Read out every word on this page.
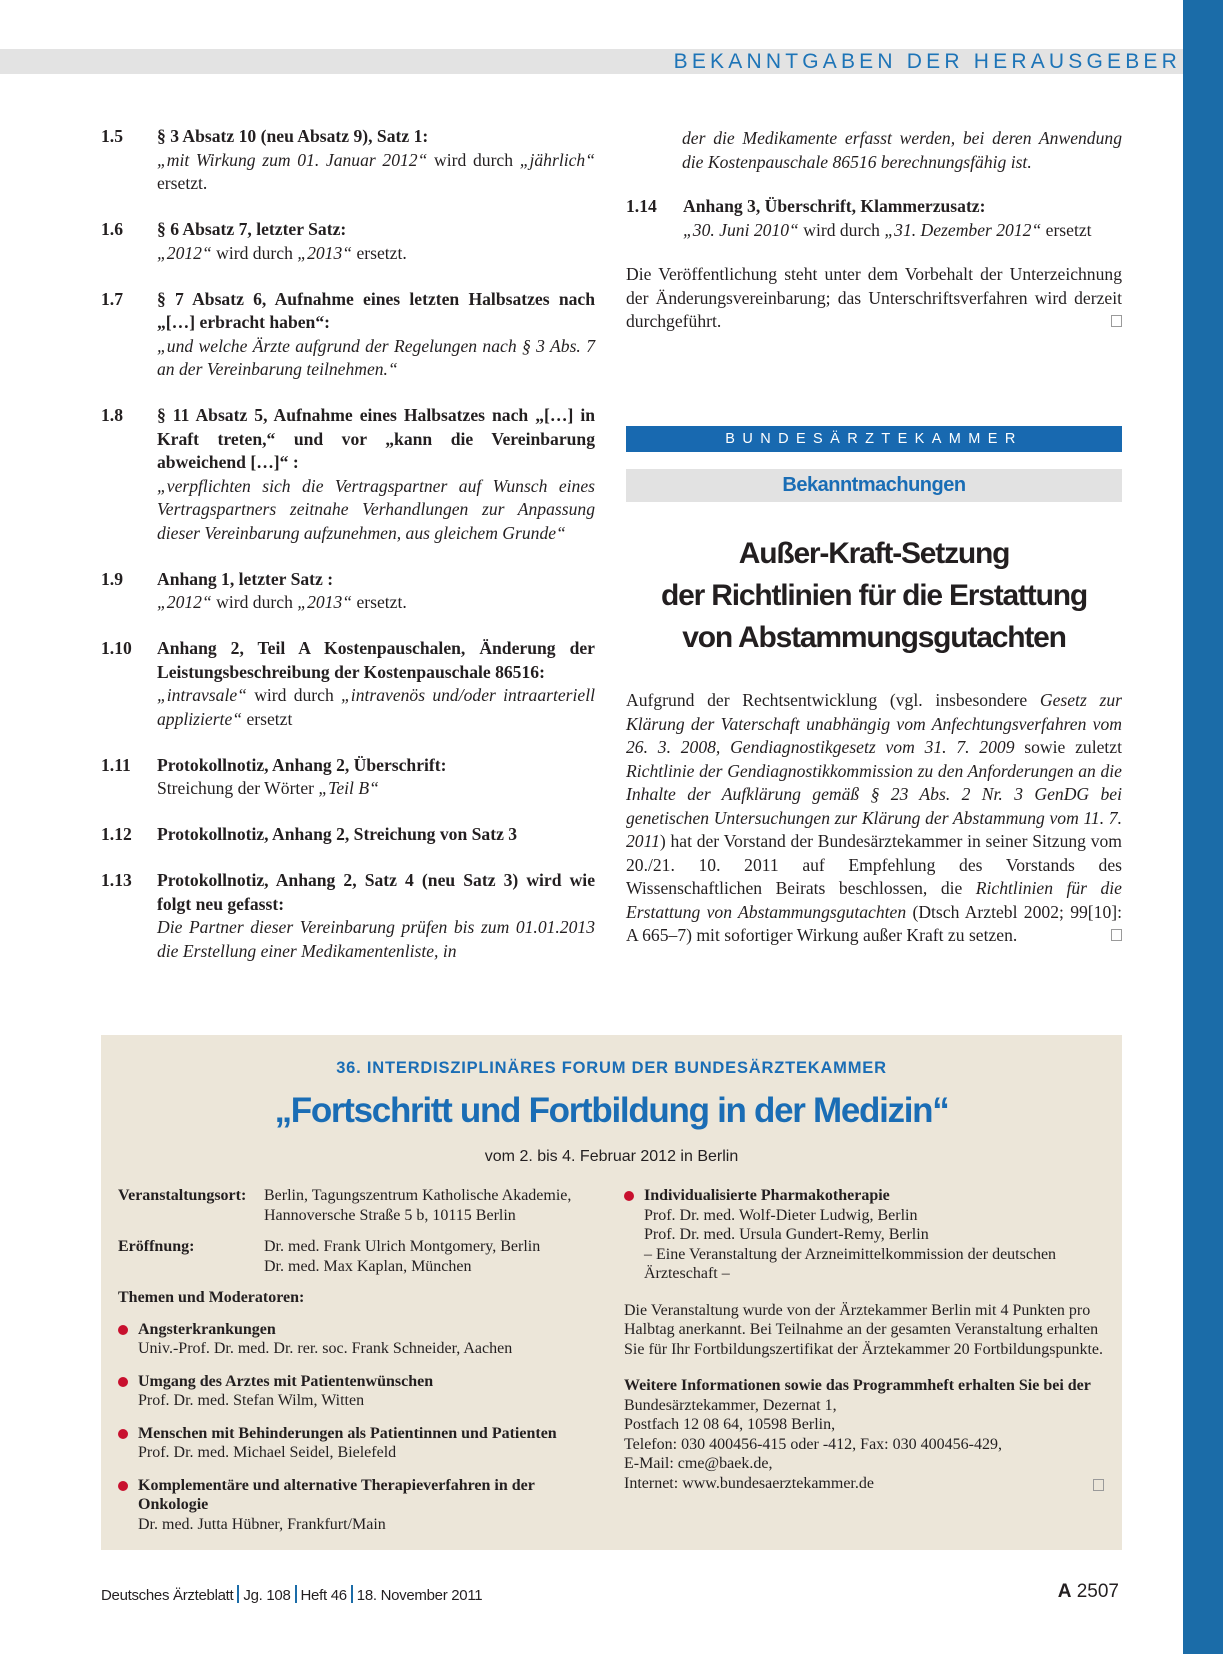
BEKANNTGABEN DER HERAUSGEBER
1.5 § 3 Absatz 10 (neu Absatz 9), Satz 1:
„mit Wirkung zum 01. Januar 2012“ wird durch „jährlich“ ersetzt.
1.6 § 6 Absatz 7, letzter Satz:
„2012“ wird durch „2013“ ersetzt.
1.7 § 7 Absatz 6, Aufnahme eines letzten Halbsatzes nach „[…] erbracht haben“:
„und welche Ärzte aufgrund der Regelungen nach § 3 Abs. 7 an der Vereinbarung teilnehmen.“
1.8 § 11 Absatz 5, Aufnahme eines Halbsatzes nach „[…] in Kraft treten,“ und vor „kann die Vereinbarung abweichend […]“ :
„verpflichten sich die Vertragspartner auf Wunsch eines Vertragspartners zeitnahe Verhandlungen zur Anpassung dieser Vereinbarung aufzunehmen, aus gleichem Grunde“
1.9 Anhang 1, letzter Satz :
„2012“ wird durch „2013“ ersetzt.
1.10 Anhang 2, Teil A Kostenpauschalen, Änderung der Leistungsbeschreibung der Kostenpauschale 86516:
„intravsale“ wird durch „intravenös und/oder intraarteriell applizierte“ ersetzt
1.11 Protokollnotiz, Anhang 2, Überschrift:
Streichung der Wörter „Teil B“
1.12 Protokollnotiz, Anhang 2, Streichung von Satz 3
1.13 Protokollnotiz, Anhang 2, Satz 4 (neu Satz 3) wird wie folgt neu gefasst:
Die Partner dieser Vereinbarung prüfen bis zum 01.01.2013 die Erstellung einer Medikamentenliste, in
der die Medikamente erfasst werden, bei deren Anwendung die Kostenpauschale 86516 berechnungsfähig ist.
1.14 Anhang 3, Überschrift, Klammerzusatz:
„30. Juni 2010“ wird durch „31. Dezember 2012“ ersetzt
Die Veröffentlichung steht unter dem Vorbehalt der Unterzeichnung der Änderungsvereinbarung; das Unterschriftsverfahren wird derzeit durchgeführt.
BUNDESÄRZTEKAMMER
Bekanntmachungen
Außer-Kraft-Setzung
der Richtlinien für die Erstattung
von Abstammungsgutachten
Aufgrund der Rechtsentwicklung (vgl. insbesondere Gesetz zur Klärung der Vaterschaft unabhängig vom Anfechtungsverfahren vom 26. 3. 2008, Gendiagnostikgesetz vom 31. 7. 2009 sowie zuletzt Richtlinie der Gendiagnostikkommission zu den Anforderungen an die Inhalte der Aufklärung gemäß § 23 Abs. 2 Nr. 3 GenDG bei genetischen Untersuchungen zur Klärung der Abstammung vom 11. 7. 2011) hat der Vorstand der Bundesärztekammer in seiner Sitzung vom 20./21. 10. 2011 auf Empfehlung des Vorstands des Wissenschaftlichen Beirats beschlossen, die Richtlinien für die Erstattung von Abstammungsgutachten (Dtsch Arztebl 2002; 99[10]: A 665–7) mit sofortiger Wirkung außer Kraft zu setzen.
36. INTERDISZIPLINÄRES FORUM DER BUNDESÄRZTEKAMMER
„Fortschritt und Fortbildung in der Medizin“
vom 2. bis 4. Februar 2012 in Berlin
Veranstaltungsort:	Berlin, Tagungszentrum Katholische Akademie, Hannoversche Straße 5 b, 10115 Berlin
Eröffnung:	Dr. med. Frank Ulrich Montgomery, Berlin
Dr. med. Max Kaplan, München
Themen und Moderatoren:
Angsterkrankungen
Univ.-Prof. Dr. med. Dr. rer. soc. Frank Schneider, Aachen
Umgang des Arztes mit Patientenwünschen
Prof. Dr. med. Stefan Wilm, Witten
Menschen mit Behinderungen als Patientinnen und Patienten
Prof. Dr. med. Michael Seidel, Bielefeld
Komplementäre und alternative Therapieverfahren in der Onkologie
Dr. med. Jutta Hübner, Frankfurt/Main
Individualisierte Pharmakotherapie
Prof. Dr. med. Wolf-Dieter Ludwig, Berlin
Prof. Dr. med. Ursula Gundert-Remy, Berlin
– Eine Veranstaltung der Arzneimittelkommission der deutschen Ärzteschaft –
Die Veranstaltung wurde von der Ärztekammer Berlin mit 4 Punkten pro Halbtag anerkannt. Bei Teilnahme an der gesamten Veranstaltung erhalten Sie für Ihr Fortbildungszertifikat der Ärztekammer 20 Fortbildungspunkte.
Weitere Informationen sowie das Programmheft erhalten Sie bei der
Bundesärztekammer, Dezernat 1,
Postfach 12 08 64, 10598 Berlin,
Telefon: 030 400456-415 oder -412, Fax: 030 400456-429,
E-Mail: cme@baek.de,
Internet: www.bundesaerztekammer.de
Deutsches Ärzteblatt Jg. 108 Heft 46 18. November 2011	A 2507
